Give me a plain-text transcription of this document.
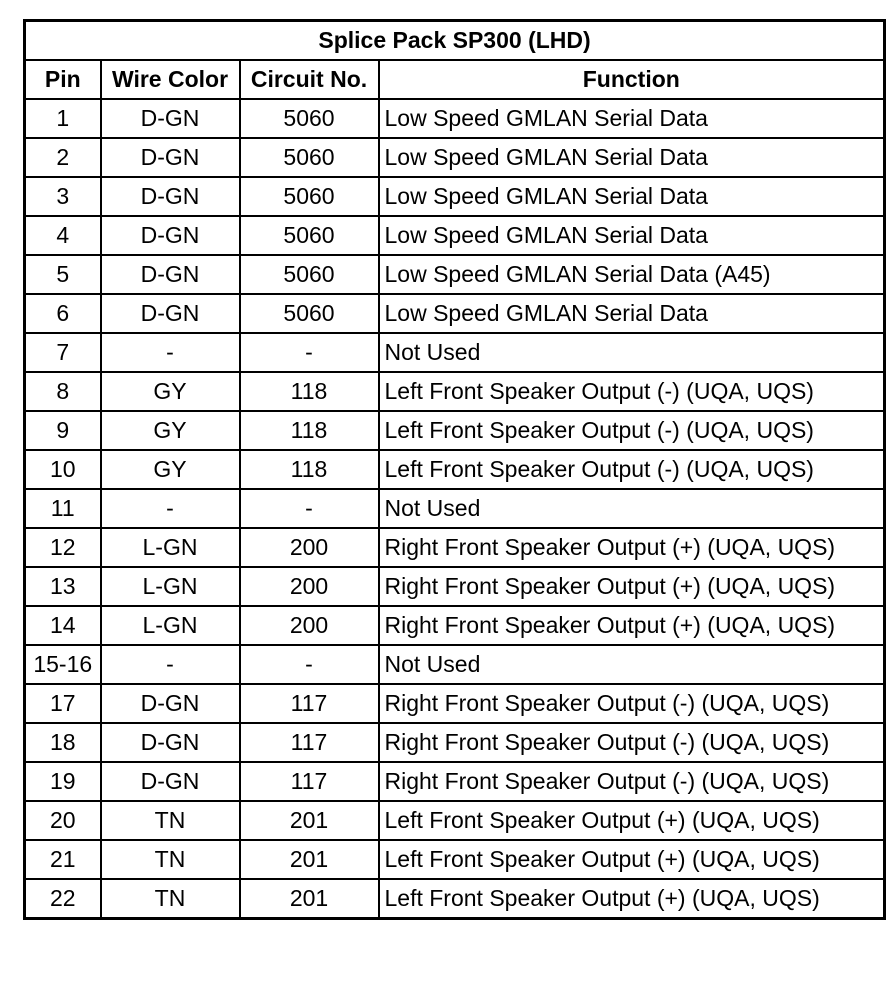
Splice Pack SP300 (LHD)			
Pin	Wire Color	Circuit No.	Function
1	D-GN	5060	Low Speed GMLAN Serial Data
2	D-GN	5060	Low Speed GMLAN Serial Data
3	D-GN	5060	Low Speed GMLAN Serial Data
4	D-GN	5060	Low Speed GMLAN Serial Data
5	D-GN	5060	Low Speed GMLAN Serial Data (A45)
6	D-GN	5060	Low Speed GMLAN Serial Data
7	-	-	Not Used
8	GY	118	Left Front Speaker Output (-) (UQA, UQS)
9	GY	118	Left Front Speaker Output (-) (UQA, UQS)
10	GY	118	Left Front Speaker Output (-) (UQA, UQS)
11	-	-	Not Used
12	L-GN	200	Right Front Speaker Output (+) (UQA, UQS)
13	L-GN	200	Right Front Speaker Output (+) (UQA, UQS)
14	L-GN	200	Right Front Speaker Output (+) (UQA, UQS)
15-16	-	-	Not Used
17	D-GN	117	Right Front Speaker Output (-) (UQA, UQS)
18	D-GN	117	Right Front Speaker Output (-) (UQA, UQS)
19	D-GN	117	Right Front Speaker Output (-) (UQA, UQS)
20	TN	201	Left Front Speaker Output (+) (UQA, UQS)
21	TN	201	Left Front Speaker Output (+) (UQA, UQS)
22	TN	201	Left Front Speaker Output (+) (UQA, UQS)
